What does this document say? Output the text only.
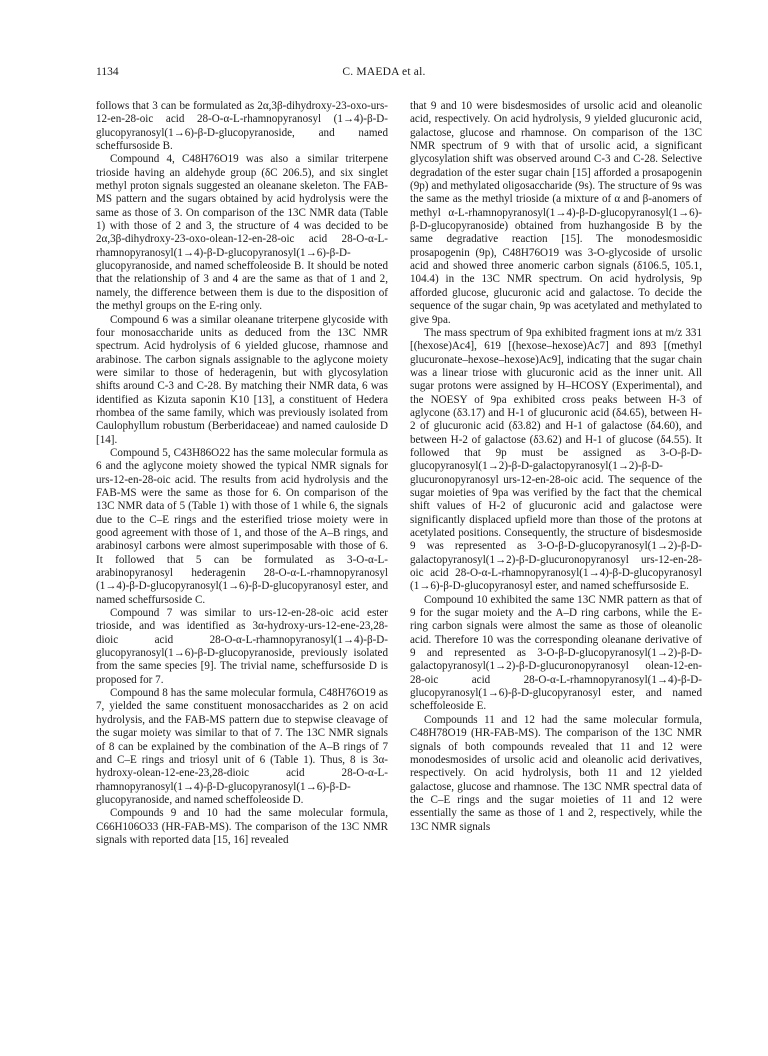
1134	C. MAEDA et al.

follows that 3 can be formulated as 2α,3β-dihydroxy-23-oxo-urs-12-en-28-oic acid 28-O-α-L-rhamnopyranosyl (1→4)-β-D-glucopyranosyl(1→6)-β-D-glucopyranoside, and named scheffursoside B.

Compound 4, C48H76O19 was also a similar triterpene trioside having an aldehyde group (δC 206.5), and six singlet methyl proton signals suggested an oleanane skeleton. The FAB-MS pattern and the sugars obtained by acid hydrolysis were the same as those of 3. On comparison of the 13C NMR data (Table 1) with those of 2 and 3, the structure of 4 was decided to be 2α,3β-dihydroxy-23-oxo-olean-12-en-28-oic acid 28-O-α-L-rhamnopyranosyl(1→4)-β-D-glucopyranosyl(1→6)-β-D-glucopyranoside, and named scheffoleoside B. It should be noted that the relationship of 3 and 4 are the same as that of 1 and 2, namely, the difference between them is due to the disposition of the methyl groups on the E-ring only.

Compound 6 was a similar oleanane triterpene glycoside with four monosaccharide units as deduced from the 13C NMR spectrum. Acid hydrolysis of 6 yielded glucose, rhamnose and arabinose. The carbon signals assignable to the aglycone moiety were similar to those of hederagenin, but with glycosylation shifts around C-3 and C-28. By matching their NMR data, 6 was identified as Kizuta saponin K10 [13], a constituent of Hedera rhombea of the same family, which was previously isolated from Caulophyllum robustum (Berberidaceae) and named cauloside D [14].

Compound 5, C43H86O22 has the same molecular formula as 6 and the aglycone moiety showed the typical NMR signals for urs-12-en-28-oic acid. The results from acid hydrolysis and the FAB-MS were the same as those for 6. On comparison of the 13C NMR data of 5 (Table 1) with those of 1 while 6, the signals due to the C–E rings and the esterified triose moiety were in good agreement with those of 1, and those of the A–B rings, and arabinosyl carbons were almost superimposable with those of 6. It followed that 5 can be formulated as 3-O-α-L-arabinopyranosyl hederagenin 28-O-α-L-rhamnopyranosyl (1→4)-β-D-glucopyranosyl(1→6)-β-D-glucopyranosyl ester, and named scheffursoside C.

Compound 7 was similar to urs-12-en-28-oic acid ester trioside, and was identified as 3α-hydroxy-urs-12-ene-23,28-dioic acid 28-O-α-L-rhamnopyranosyl(1→4)-β-D-glucopyranosyl(1→6)-β-D-glucopyranoside, previously isolated from the same species [9]. The trivial name, scheffursoside D is proposed for 7.

Compound 8 has the same molecular formula, C48H76O19 as 7, yielded the same constituent monosaccharides as 2 on acid hydrolysis, and the FAB-MS pattern due to stepwise cleavage of the sugar moiety was similar to that of 7. The 13C NMR signals of 8 can be explained by the combination of the A–B rings of 7 and C–E rings and triosyl unit of 6 (Table 1). Thus, 8 is 3α-hydroxy-olean-12-ene-23,28-dioic acid 28-O-α-L-rhamnopyranosyl(1→4)-β-D-glucopyranosyl(1→6)-β-D-glucopyranoside, and named scheffoleoside D.

Compounds 9 and 10 had the same molecular formula, C66H106O33 (HR-FAB-MS). The comparison of the 13C NMR signals with reported data [15, 16] revealed

that 9 and 10 were bisdesmosides of ursolic acid and oleanolic acid, respectively. On acid hydrolysis, 9 yielded glucuronic acid, galactose, glucose and rhamnose. On comparison of the 13C NMR spectrum of 9 with that of ursolic acid, a significant glycosylation shift was observed around C-3 and C-28. Selective degradation of the ester sugar chain [15] afforded a prosapogenin (9p) and methylated oligosaccharide (9s). The structure of 9s was the same as the methyl trioside (a mixture of α and β-anomers of methyl α-L-rhamnopyranosyl(1→4)-β-D-glucopyranosyl(1→6)-β-D-glucopyranoside) obtained from huzhangoside B by the same degradative reaction [15]. The monodesmosidic prosapogenin (9p), C48H76O19 was 3-O-glycoside of ursolic acid and showed three anomeric carbon signals (δ106.5, 105.1, 104.4) in the 13C NMR spectrum. On acid hydrolysis, 9p afforded glucose, glucuronic acid and galactose. To decide the sequence of the sugar chain, 9p was acetylated and methylated to give 9pa.

The mass spectrum of 9pa exhibited fragment ions at m/z 331 [(hexose)Ac4], 619 [(hexose–hexose)Ac7] and 893 [(methyl glucuronate–hexose–hexose)Ac9], indicating that the sugar chain was a linear triose with glucuronic acid as the inner unit. All sugar protons were assigned by H–HCOSY (Experimental), and the NOESY of 9pa exhibited cross peaks between H-3 of aglycone (δ3.17) and H-1 of glucuronic acid (δ4.65), between H-2 of glucuronic acid (δ3.82) and H-1 of galactose (δ4.60), and between H-2 of galactose (δ3.62) and H-1 of glucose (δ4.55). It followed that 9p must be assigned as 3-O-β-D-glucopyranosyl(1→2)-β-D-galactopyranosyl(1→2)-β-D-glucuronopyranosyl urs-12-en-28-oic acid. The sequence of the sugar moieties of 9pa was verified by the fact that the chemical shift values of H-2 of glucuronic acid and galactose were significantly displaced upfield more than those of the protons at acetylated positions. Consequently, the structure of bisdesmoside 9 was represented as 3-O-β-D-glucopyranosyl(1→2)-β-D-galactopyranosyl(1→2)-β-D-glucuronopyranosyl urs-12-en-28-oic acid 28-O-α-L-rhamnopyranosyl(1→4)-β-D-glucopyranosyl (1→6)-β-D-glucopyranosyl ester, and named scheffursoside E.

Compound 10 exhibited the same 13C NMR pattern as that of 9 for the sugar moiety and the A–D ring carbons, while the E-ring carbon signals were almost the same as those of oleanolic acid. Therefore 10 was the corresponding oleanane derivative of 9 and represented as 3-O-β-D-glucopyranosyl(1→2)-β-D-galactopyranosyl(1→2)-β-D-glucuronopyranosyl olean-12-en-28-oic acid 28-O-α-L-rhamnopyranosyl(1→4)-β-D-glucopyranosyl(1→6)-β-D-glucopyranosyl ester, and named scheffoleoside E.

Compounds 11 and 12 had the same molecular formula, C48H78O19 (HR-FAB-MS). The comparison of the 13C NMR signals of both compounds revealed that 11 and 12 were monodesmosides of ursolic acid and oleanolic acid derivatives, respectively. On acid hydrolysis, both 11 and 12 yielded galactose, glucose and rhamnose. The 13C NMR spectral data of the C–E rings and the sugar moieties of 11 and 12 were essentially the same as those of 1 and 2, respectively, while the 13C NMR signals
